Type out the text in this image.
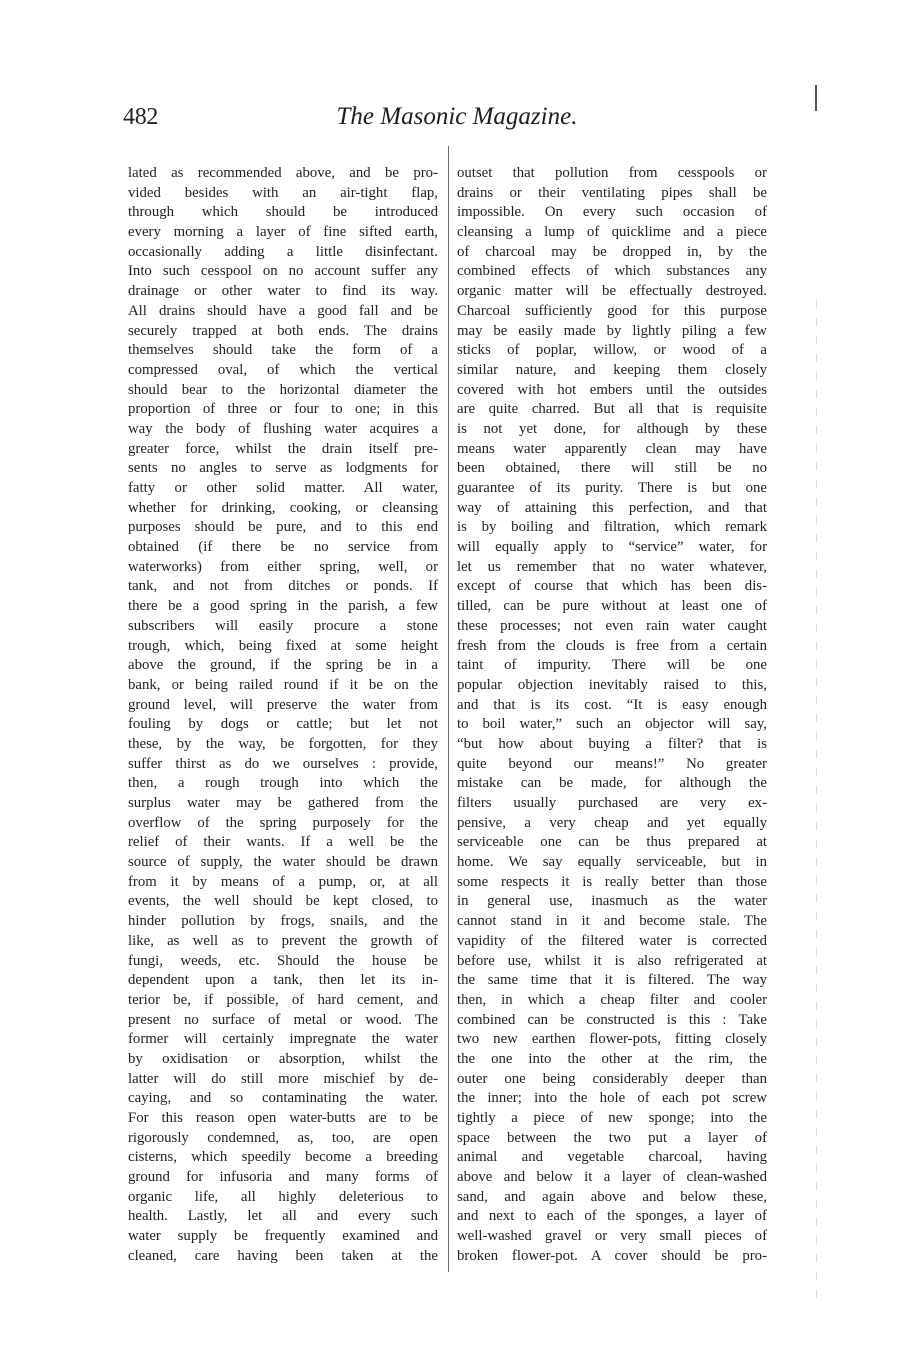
482	The Masonic Magazine.
lated as recommended above, and be pro-
vided besides with an air-tight flap,
through which should be introduced
every morning a layer of fine sifted earth,
occasionally adding a little disinfectant.
Into such cesspool on no account suffer any
drainage or other water to find its way.
All drains should have a good fall and be
securely trapped at both ends. The drains
themselves should take the form of a
compressed oval, of which the vertical
should bear to the horizontal diameter the
proportion of three or four to one; in this
way the body of flushing water acquires a
greater force, whilst the drain itself pre-
sents no angles to serve as lodgments for
fatty or other solid matter. All water,
whether for drinking, cooking, or cleansing
purposes should be pure, and to this end
obtained (if there be no service from
waterworks) from either spring, well, or
tank, and not from ditches or ponds. If
there be a good spring in the parish, a few
subscribers will easily procure a stone
trough, which, being fixed at some height
above the ground, if the spring be in a
bank, or being railed round if it be on the
ground level, will preserve the water from
fouling by dogs or cattle; but let not
these, by the way, be forgotten, for they
suffer thirst as do we ourselves : provide,
then, a rough trough into which the
surplus water may be gathered from the
overflow of the spring purposely for the
relief of their wants. If a well be the
source of supply, the water should be drawn
from it by means of a pump, or, at all
events, the well should be kept closed, to
hinder pollution by frogs, snails, and the
like, as well as to prevent the growth of
fungi, weeds, etc. Should the house be
dependent upon a tank, then let its in-
terior be, if possible, of hard cement, and
present no surface of metal or wood. The
former will certainly impregnate the water
by oxidisation or absorption, whilst the
latter will do still more mischief by de-
caying, and so contaminating the water.
For this reason open water-butts are to be
rigorously condemned, as, too, are open
cisterns, which speedily become a breeding
ground for infusoria and many forms of
organic life, all highly deleterious to
health. Lastly, let all and every such
water supply be frequently examined and
cleaned, care having been taken at the
outset that pollution from cesspools or
drains or their ventilating pipes shall be
impossible. On every such occasion of
cleansing a lump of quicklime and a piece
of charcoal may be dropped in, by the
combined effects of which substances any
organic matter will be effectually destroyed.
Charcoal sufficiently good for this purpose
may be easily made by lightly piling a few
sticks of poplar, willow, or wood of a
similar nature, and keeping them closely
covered with hot embers until the outsides
are quite charred. But all that is requisite
is not yet done, for although by these
means water apparently clean may have
been obtained, there will still be no
guarantee of its purity. There is but one
way of attaining this perfection, and that
is by boiling and filtration, which remark
will equally apply to “service” water, for
let us remember that no water whatever,
except of course that which has been dis-
tilled, can be pure without at least one of
these processes; not even rain water caught
fresh from the clouds is free from a certain
taint of impurity. There will be one
popular objection inevitably raised to this,
and that is its cost. “It is easy enough
to boil water,” such an objector will say,
“but how about buying a filter? that is
quite beyond our means!” No greater
mistake can be made, for although the
filters usually purchased are very ex-
pensive, a very cheap and yet equally
serviceable one can be thus prepared at
home. We say equally serviceable, but in
some respects it is really better than those
in general use, inasmuch as the water
cannot stand in it and become stale. The
vapidity of the filtered water is corrected
before use, whilst it is also refrigerated at
the same time that it is filtered. The way
then, in which a cheap filter and cooler
combined can be constructed is this : Take
two new earthen flower-pots, fitting closely
the one into the other at the rim, the
outer one being considerably deeper than
the inner; into the hole of each pot screw
tightly a piece of new sponge; into the
space between the two put a layer of
animal and vegetable charcoal, having
above and below it a layer of clean-washed
sand, and again above and below these,
and next to each of the sponges, a layer of
well-washed gravel or very small pieces of
broken flower-pot. A cover should be pro-
